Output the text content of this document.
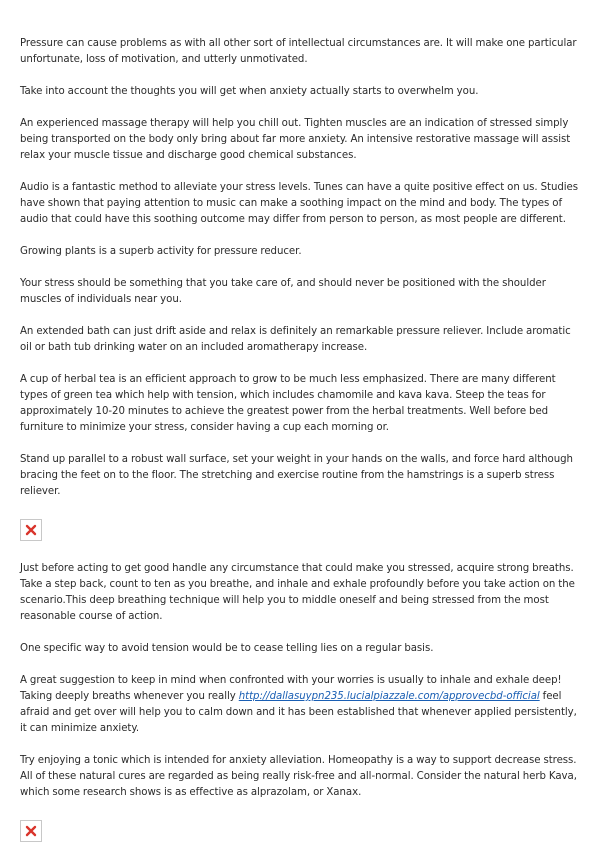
Pressure can cause problems as with all other sort of intellectual circumstances are. It will make one particular unfortunate, loss of motivation, and utterly unmotivated.

Take into account the thoughts you will get when anxiety actually starts to overwhelm you.

An experienced massage therapy will help you chill out. Tighten muscles are an indication of stressed simply being transported on the body only bring about far more anxiety. An intensive restorative massage will assist relax your muscle tissue and discharge good chemical substances.

Audio is a fantastic method to alleviate your stress levels. Tunes can have a quite positive effect on us. Studies have shown that paying attention to music can make a soothing impact on the mind and body. The types of audio that could have this soothing outcome may differ from person to person, as most people are different.

Growing plants is a superb activity for pressure reducer.

Your stress should be something that you take care of, and should never be positioned with the shoulder muscles of individuals near you.

An extended bath can just drift aside and relax is definitely an remarkable pressure reliever. Include aromatic oil or bath tub drinking water on an included aromatherapy increase.

A cup of herbal tea is an efficient approach to grow to be much less emphasized. There are many different types of green tea which help with tension, which includes chamomile and kava kava. Steep the teas for approximately 10-20 minutes to achieve the greatest power from the herbal treatments. Well before bed furniture to minimize your stress, consider having a cup each morning or.

Stand up parallel to a robust wall surface, set your weight in your hands on the walls, and force hard although bracing the feet on to the floor. The stretching and exercise routine from the hamstrings is a superb stress reliever.

Just before acting to get good handle any circumstance that could make you stressed, acquire strong breaths. Take a step back, count to ten as you breathe, and inhale and exhale profoundly before you take action on the scenario.This deep breathing technique will help you to middle oneself and being stressed from the most reasonable course of action.

One specific way to avoid tension would be to cease telling lies on a regular basis.

A great suggestion to keep in mind when confronted with your worries is usually to inhale and exhale deep! Taking deeply breaths whenever you really http://dallasuypn235.lucialpiazzale.com/approvecbd-official feel afraid and get over will help you to calm down and it has been established that whenever applied persistently, it can minimize anxiety.

Try enjoying a tonic which is intended for anxiety alleviation. Homeopathy is a way to support decrease stress. All of these natural cures are regarded as being really risk-free and all-normal. Consider the natural herb Kava, which some research shows is as effective as alprazolam, or Xanax.
